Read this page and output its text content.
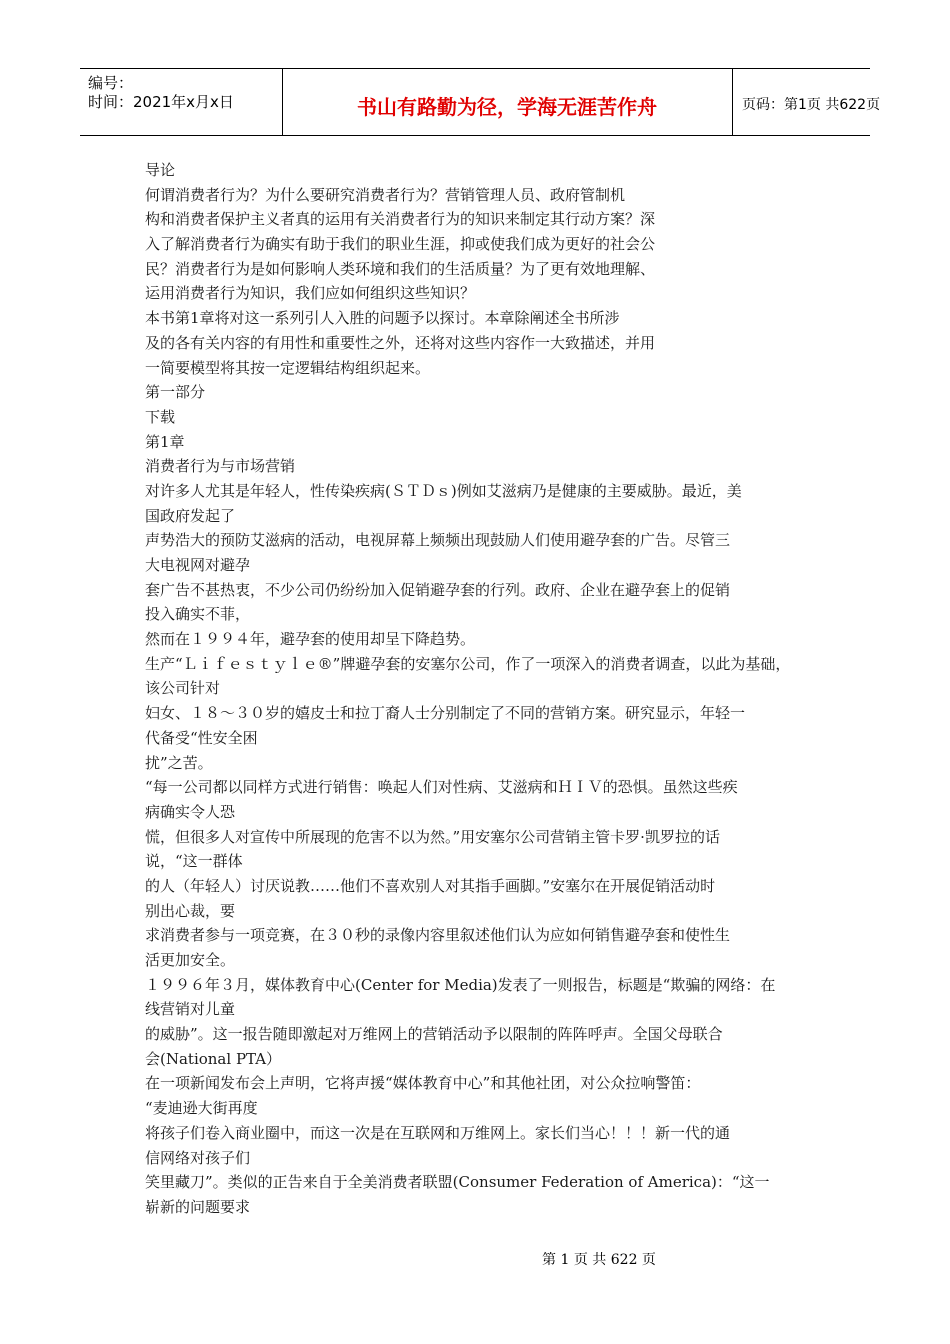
编号：
时间：2021年x月x日	书山有路勤为径，学海无涯苦作舟	页码：第1页 共622页
导论
何谓消费者行为？为什么要研究消费者行为？营销管理人员、政府管制机
构和消费者保护主义者真的运用有关消费者行为的知识来制定其行动方案？深
入了解消费者行为确实有助于我们的职业生涯，抑或使我们成为更好的社会公
民？消费者行为是如何影响人类环境和我们的生活质量？为了更有效地理解、
运用消费者行为知识，我们应如何组织这些知识？
本书第1章将对这一系列引人入胜的问题予以探讨。本章除阐述全书所涉
及的各有关内容的有用性和重要性之外，还将对这些内容作一大致描述，并用
一简要模型将其按一定逻辑结构组织起来。
第一部分
下载
第1章
消费者行为与市场营销
对许多人尤其是年轻人，性传染疾病(ＳＴＤｓ)例如艾滋病乃是健康的主要威胁。最近，美
国政府发起了
声势浩大的预防艾滋病的活动，电视屏幕上频频出现鼓励人们使用避孕套的广告。尽管三
大电视网对避孕
套广告不甚热衷，不少公司仍纷纷加入促销避孕套的行列。政府、企业在避孕套上的促销
投入确实不菲，
然而在１９９４年，避孕套的使用却呈下降趋势。
生产“Ｌｉｆｅｓｔｙｌｅ®”牌避孕套的安塞尔公司，作了一项深入的消费者调查，以此为基础，
该公司针对
妇女、１８～３０岁的嬉皮士和拉丁裔人士分别制定了不同的营销方案。研究显示，年轻一
代备受“性安全困
扰”之苦。
“每一公司都以同样方式进行销售：唤起人们对性病、艾滋病和ＨＩＶ的恐惧。虽然这些疾
病确实令人恐
慌，但很多人对宣传中所展现的危害不以为然。”用安塞尔公司营销主管卡罗·凯罗拉的话
说，“这一群体
的人（年轻人）讨厌说教……他们不喜欢别人对其指手画脚。”安塞尔在开展促销活动时
别出心裁，要
求消费者参与一项竞赛，在３０秒的录像内容里叙述他们认为应如何销售避孕套和使性生
活更加安全。
１９９６年３月，媒体教育中心(Center for Media)发表了一则报告，标题是“欺骗的网络：在
线营销对儿童
的威胁”。这一报告随即激起对万维网上的营销活动予以限制的阵阵呼声。全国父母联合
会(National PTA）
在一项新闻发布会上声明，它将声援“媒体教育中心”和其他社团，对公众拉响警笛：
“麦迪逊大街再度
将孩子们卷入商业圈中，而这一次是在互联网和万维网上。家长们当心！！！新一代的通
信网络对孩子们
笑里藏刀”。类似的正告来自于全美消费者联盟(Consumer Federation of America)：“这一
崭新的问题要求
第 1 页 共 622 页
